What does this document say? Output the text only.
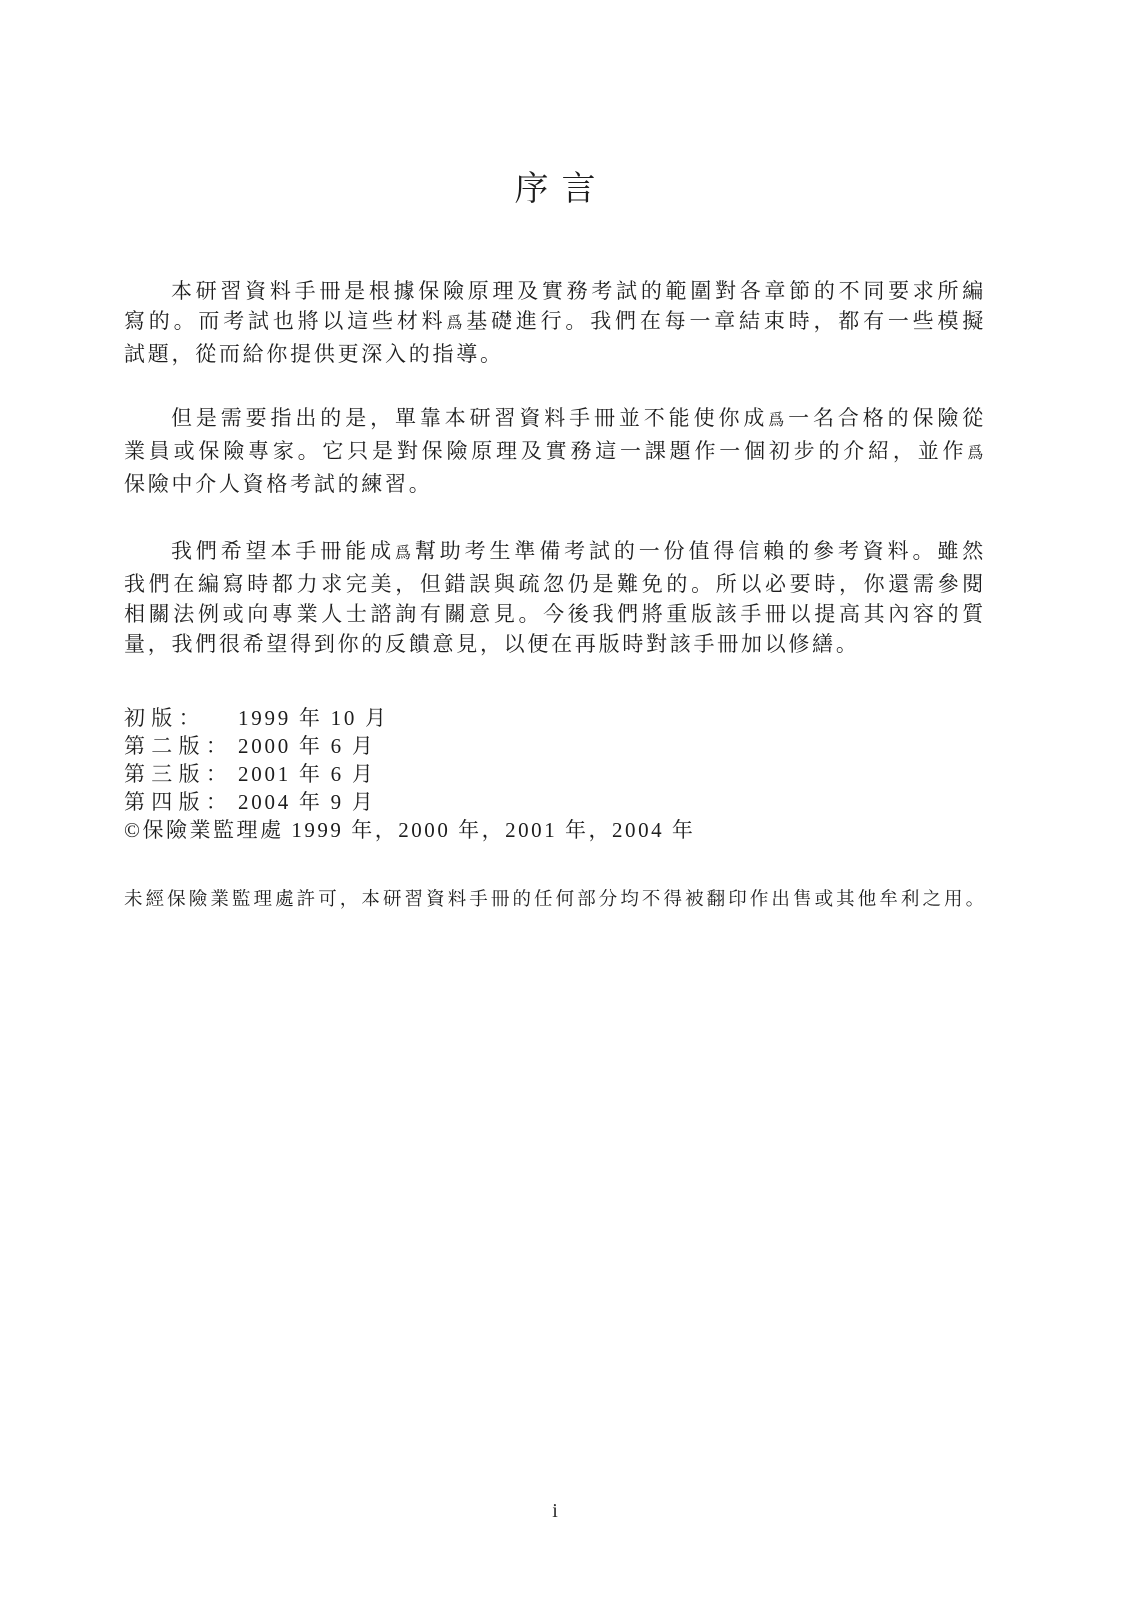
序言
本研習資料手冊是根據保險原理及實務考試的範圍對各章節的不同要求所編
寫的。而考試也將以這些材料爲基礎進行。我們在每一章結束時，都有一些模擬
試題，從而給你提供更深入的指導。
但是需要指出的是，單靠本研習資料手冊並不能使你成爲一名合格的保險從
業員或保險專家。它只是對保險原理及實務這一課題作一個初步的介紹，並作爲
保險中介人資格考試的練習。
我們希望本手冊能成爲幫助考生準備考試的一份值得信賴的參考資料。雖然
我們在編寫時都力求完美，但錯誤與疏忽仍是難免的。所以必要時，你還需參閱
相關法例或向專業人士諮詢有關意見。今後我們將重版該手冊以提高其內容的質
量，我們很希望得到你的反饋意見，以便在再版時對該手冊加以修繕。
初版：	1999 年 10 月
第二版： 2000 年 6 月
第三版： 2001 年 6 月
第四版： 2004 年 9 月
©保險業監理處 1999 年，2000 年，2001 年，2004 年
未經保險業監理處許可，本研習資料手冊的任何部分均不得被翻印作出售或其他牟利之用。
i
